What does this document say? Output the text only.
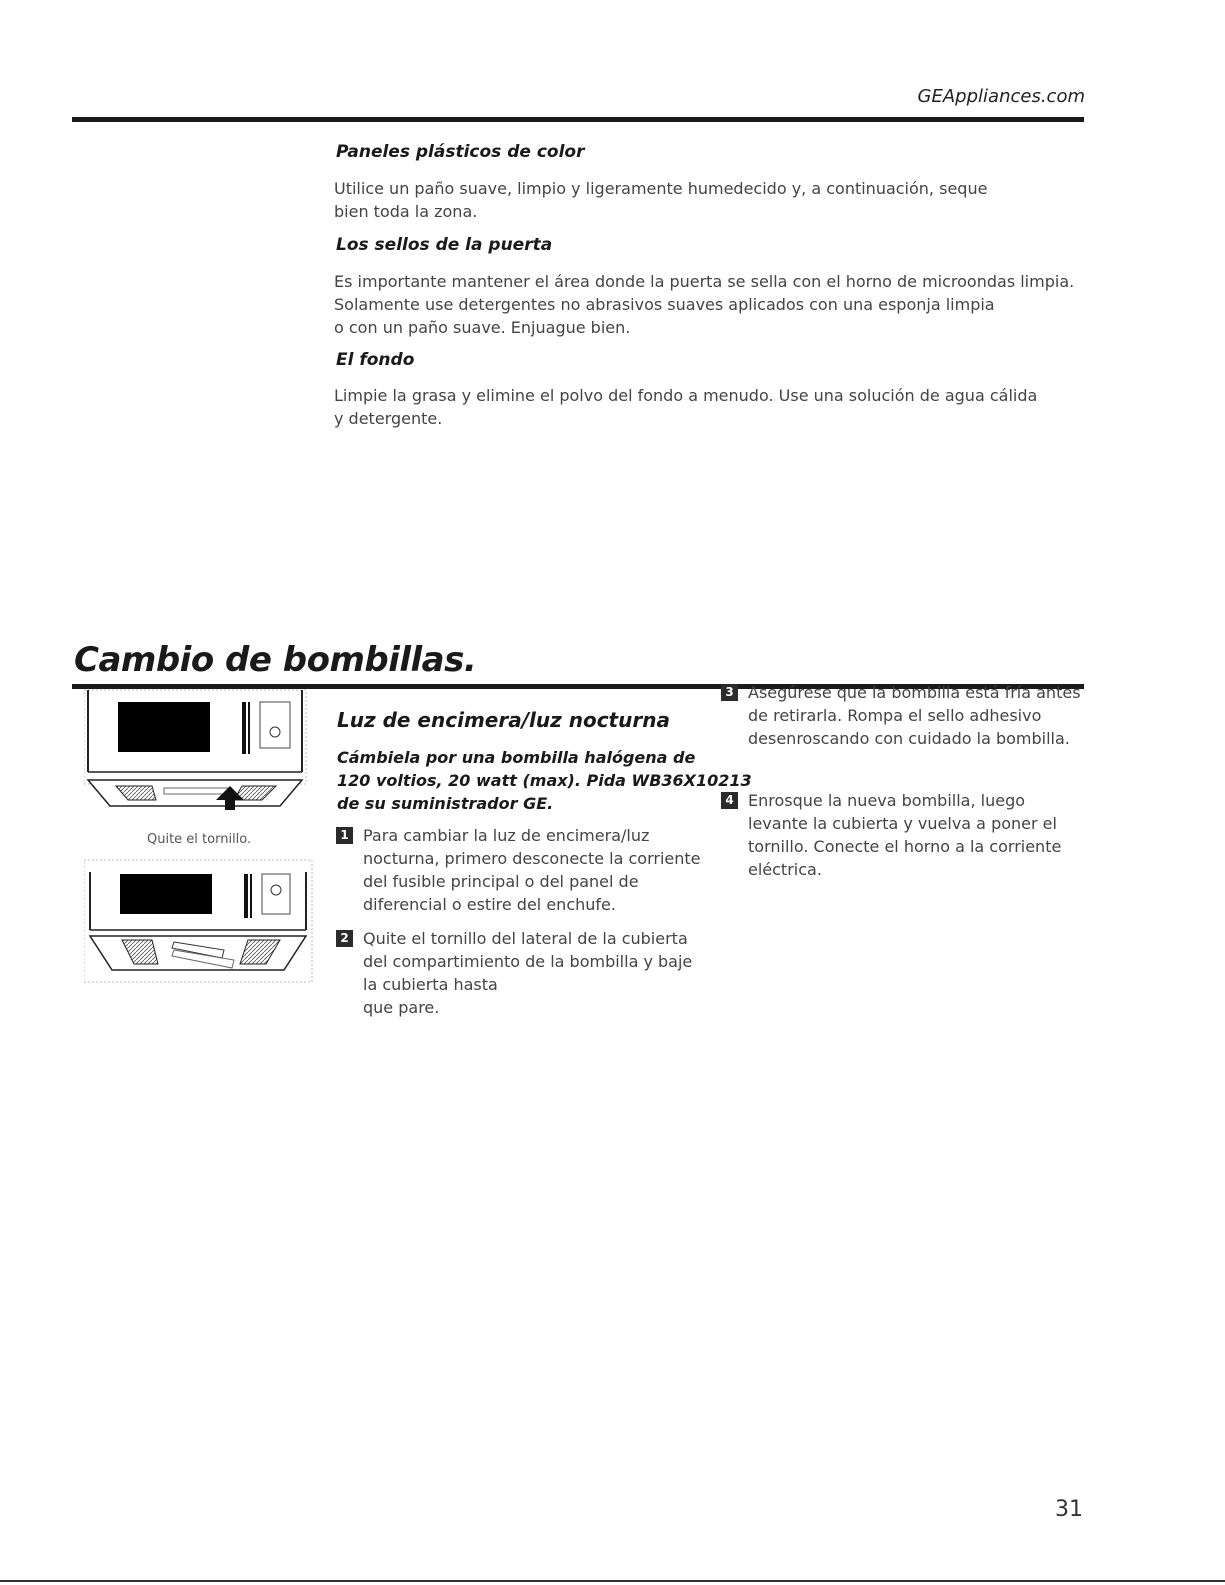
GEAppliances.com
Paneles plásticos de color
Utilice un paño suave, limpio y ligeramente humedecido y, a continuación, seque
bien toda la zona.
Los sellos de la puerta
Es importante mantener el área donde la puerta se sella con el horno de microondas limpia.
Solamente use detergentes no abrasivos suaves aplicados con una esponja limpia
o con un paño suave. Enjuague bien.
El fondo
Limpie la grasa y elimine el polvo del fondo a menudo. Use una solución de agua cálida
y detergente.
Cambio de bombillas.
Quite el tornillo.
Luz de encimera/luz nocturna
Cámbiela por una bombilla halógena de
120 voltios, 20 watt (max). Pida WB36X10213
de su suministrador GE.
1 Para cambiar la luz de encimera/luz
nocturna, primero desconecte la corriente
del fusible principal o del panel de
diferencial o estire del enchufe.
2 Quite el tornillo del lateral de la cubierta
del compartimiento de la bombilla y baje
la cubierta hasta
que pare.
3 Asegúrese que la bombilla está fría antes
de retirarla. Rompa el sello adhesivo
desenroscando con cuidado la bombilla.
4 Enrosque la nueva bombilla, luego
levante la cubierta y vuelva a poner el
tornillo. Conecte el horno a la corriente
eléctrica.
31
